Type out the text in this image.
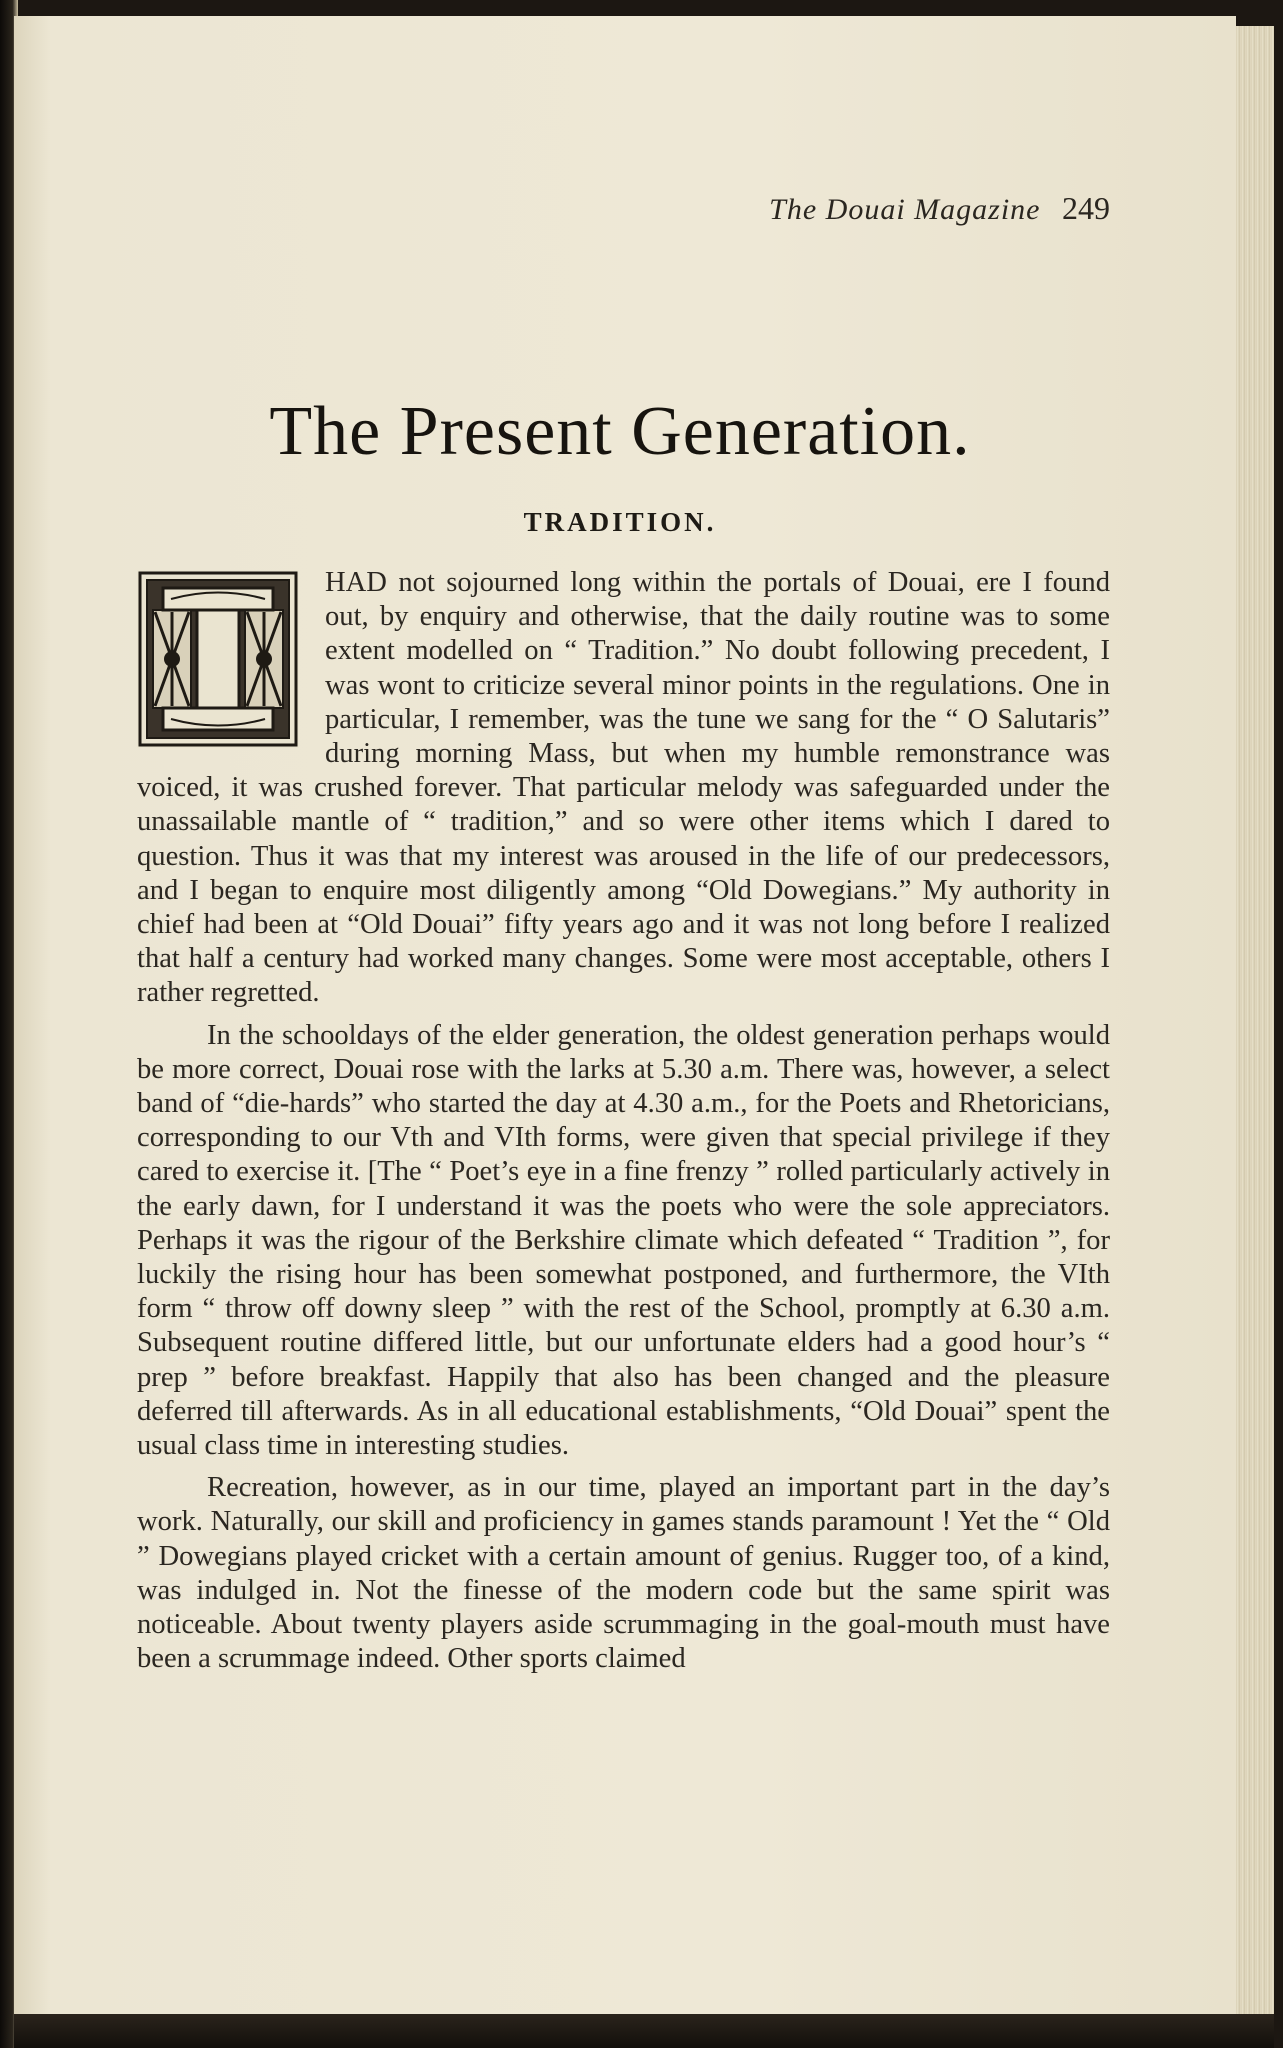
The Douai Magazine 249
The Present Generation.
TRADITION.

HAD not sojourned long within the portals of Douai, ere I found out, by enquiry and otherwise, that the daily routine was to some extent modelled on “ Tradition.” No doubt following precedent, I was wont to criticize several minor points in the regulations. One in particular, I remember, was the tune we sang for the “ O Salutaris” during morning Mass, but when my humble remonstrance was voiced, it was crushed forever. That particular melody was safeguarded under the unassailable mantle of “ tradition,” and so were other items which I dared to question. Thus it was that my interest was aroused in the life of our predecessors, and I began to enquire most diligently among “Old Dowegians.” My authority in chief had been at “Old Douai” fifty years ago and it was not long before I realized that half a century had worked many changes. Some were most acceptable, others I rather regretted.

In the schooldays of the elder generation, the oldest generation perhaps would be more correct, Douai rose with the larks at 5.30 a.m. There was, however, a select band of “die-hards” who started the day at 4.30 a.m., for the Poets and Rhetoricians, corresponding to our Vth and VIth forms, were given that special privilege if they cared to exercise it. [The “ Poet’s eye in a fine frenzy ” rolled particularly actively in the early dawn, for I understand it was the poets who were the sole appreciators. Perhaps it was the rigour of the Berkshire climate which defeated “ Tradition ”, for luckily the rising hour has been somewhat postponed, and furthermore, the VIth form “ throw off downy sleep ” with the rest of the School, promptly at 6.30 a.m. Subsequent routine differed little, but our unfortunate elders had a good hour’s “ prep ” before breakfast. Happily that also has been changed and the pleasure deferred till afterwards. As in all educational establishments, “Old Douai” spent the usual class time in interesting studies.

Recreation, however, as in our time, played an important part in the day’s work. Naturally, our skill and proficiency in games stands paramount ! Yet the “ Old ” Dowegians played cricket with a certain amount of genius. Rugger too, of a kind, was indulged in. Not the finesse of the modern code but the same spirit was noticeable. About twenty players aside scrummaging in the goal-mouth must have been a scrummage indeed. Other sports claimed
